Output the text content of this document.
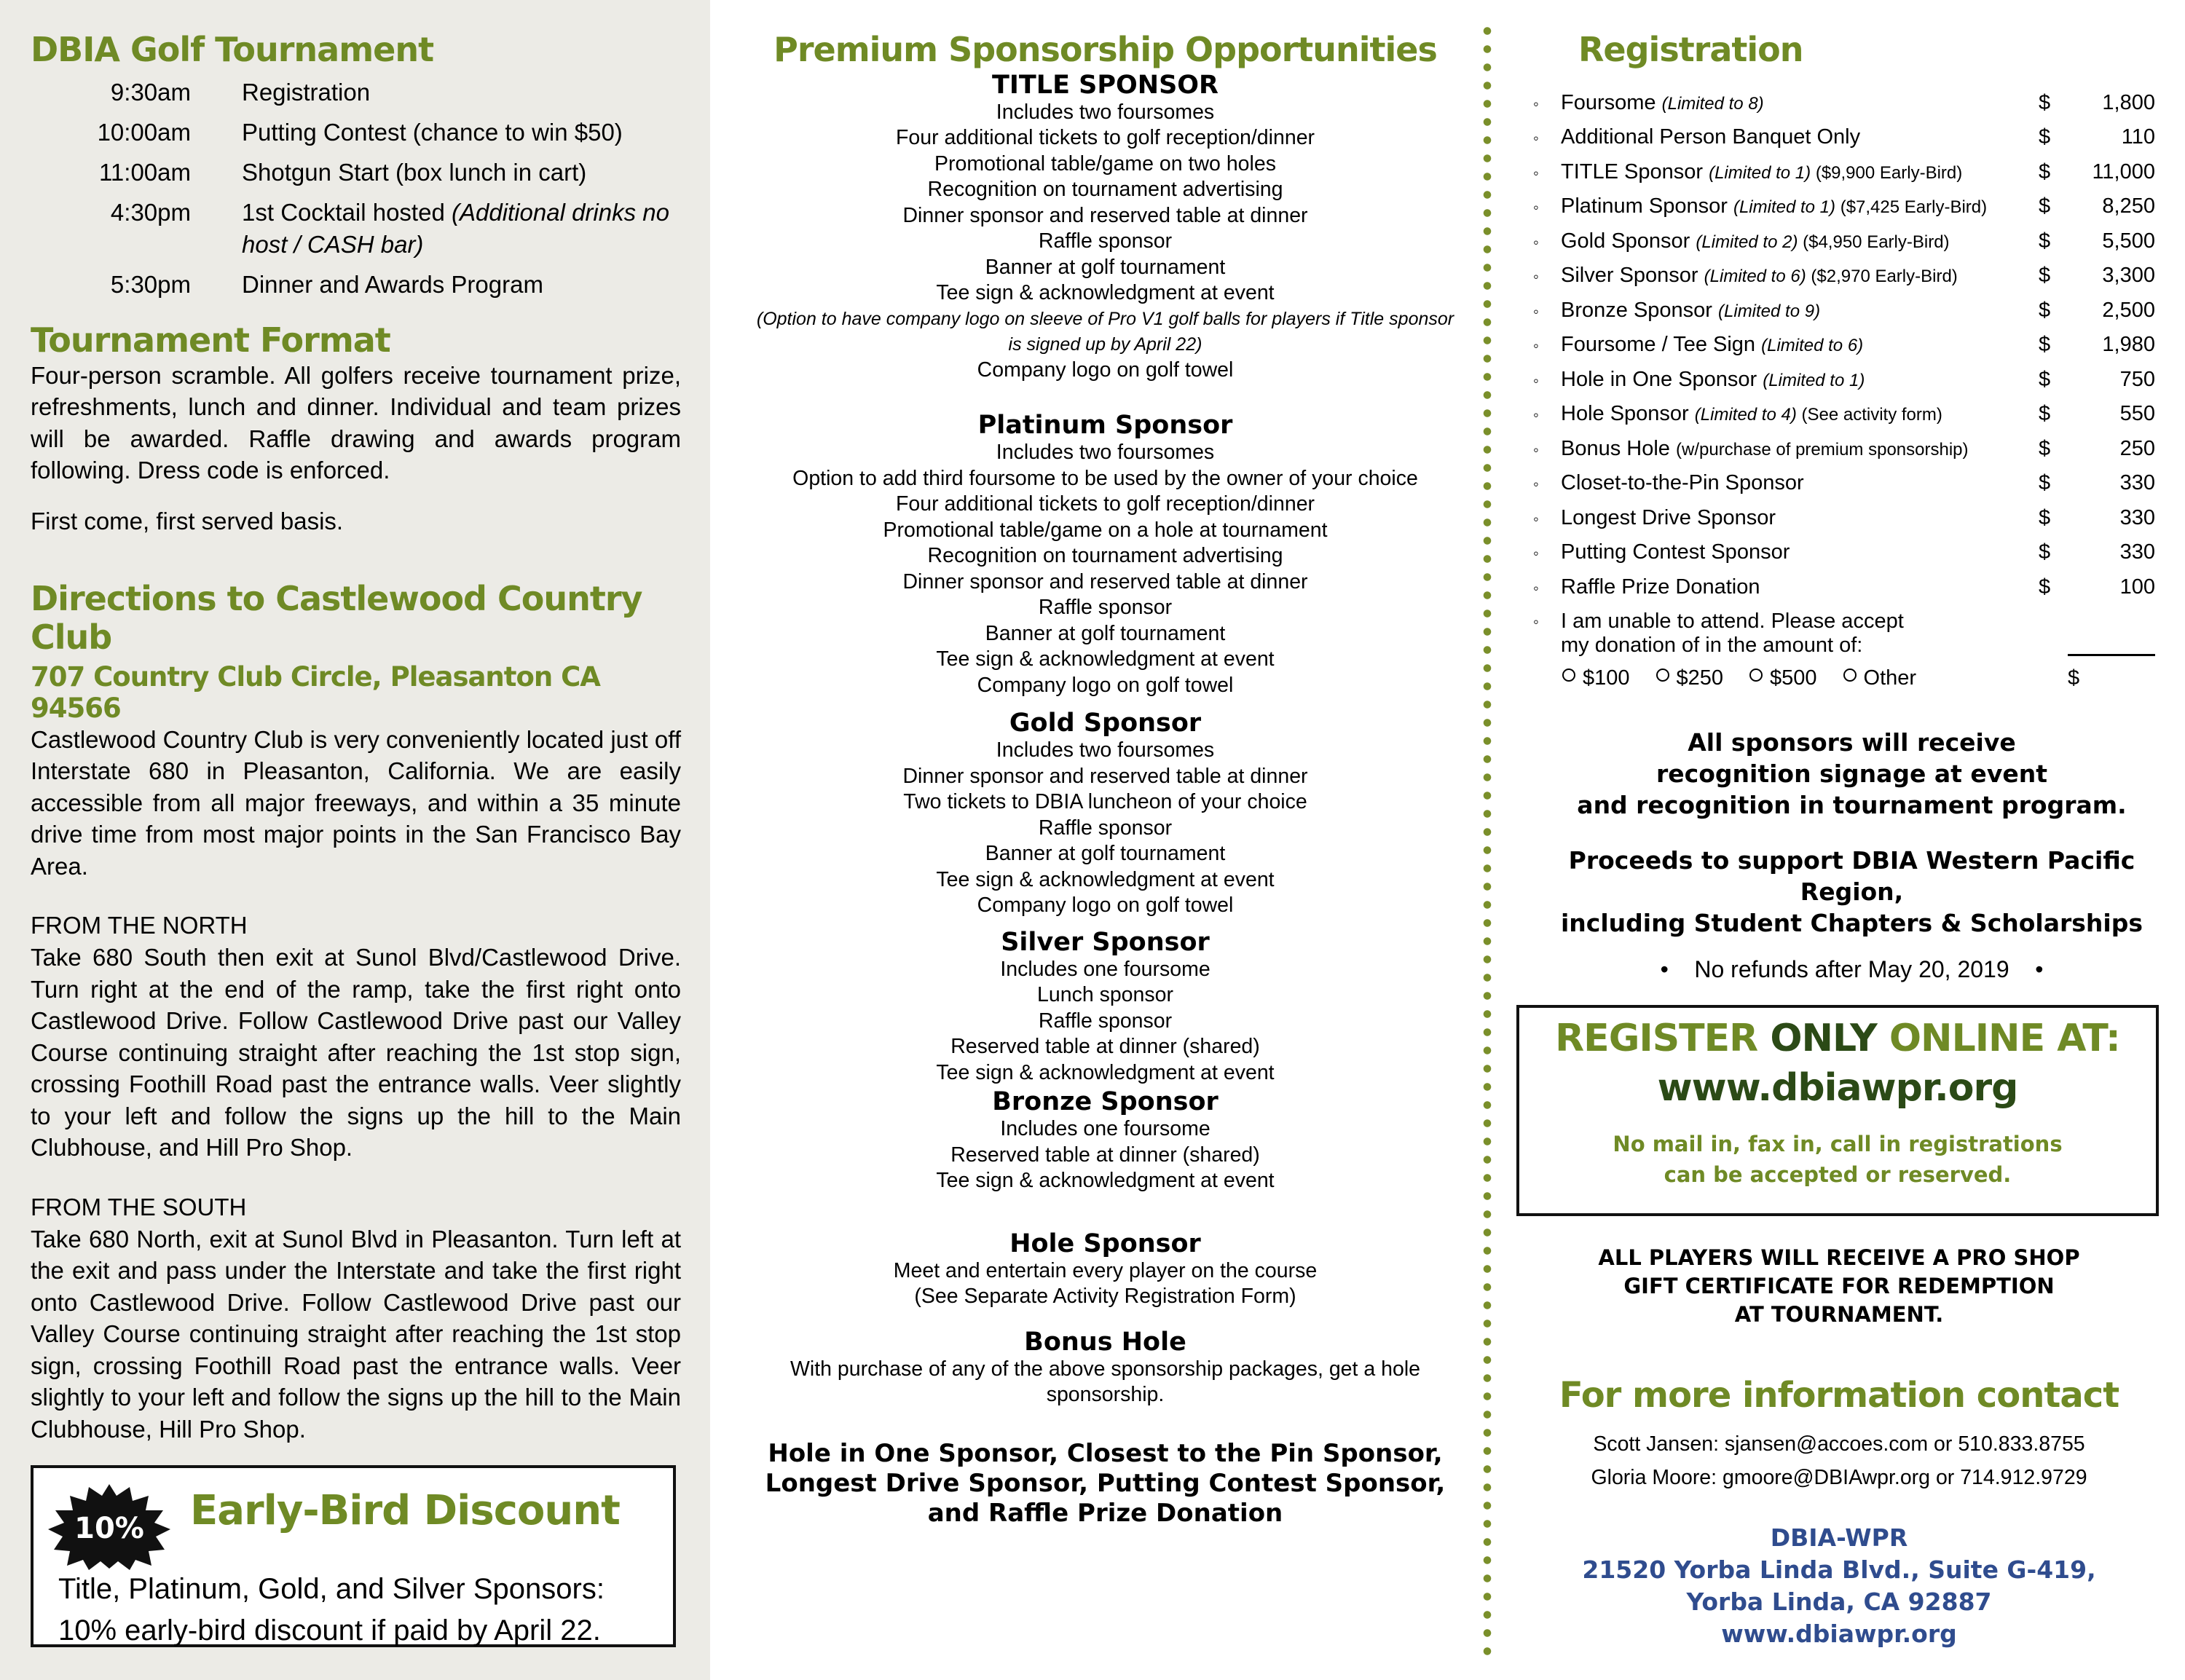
DBIA Golf Tournament
9:30am	Registration
10:00am	Putting Contest (chance to win $50)
11:00am	Shotgun Start (box lunch in cart)
4:30pm	1st Cocktail hosted (Additional drinks no host / CASH bar)
5:30pm	Dinner and Awards Program
Tournament Format

Four-person scramble. All golfers receive tournament prize, refreshments, lunch and dinner. Individual and team prizes will be awarded. Raffle drawing and awards program following. Dress code is enforced.

First come, first served basis.

Directions to Castlewood Country Club

707 Country Club Circle, Pleasanton CA 94566

Castlewood Country Club is very conveniently located just off Interstate 680 in Pleasanton, California. We are easily accessible from all major freeways, and within a 35 minute drive time from most major points in the San Francisco Bay Area.

FROM THE NORTH

Take 680 South then exit at Sunol Blvd/Castlewood Drive. Turn right at the end of the ramp, take the first right onto Castlewood Drive. Follow Castlewood Drive past our Valley Course continuing straight after reaching the 1st stop sign, crossing Foothill Road past the entrance walls. Veer slightly to your left and follow the signs up the hill to the Main Clubhouse, and Hill Pro Shop.

FROM THE SOUTH

Take 680 North, exit at Sunol Blvd in Pleasanton. Turn left at the exit and pass under the Interstate and take the first right onto Castlewood Drive. Follow Castlewood Drive past our Valley Course continuing straight after reaching the 1st stop sign, crossing Foothill Road past the entrance walls. Veer slightly to your left and follow the signs up the hill to the Main Clubhouse, Hill Pro Shop.

10% Early-Bird Discount
Title, Platinum, Gold, and Silver Sponsors:
10% early-bird discount if paid by April 22.
Premium Sponsorship Opportunities

TITLE SPONSOR

Includes two foursomes

Four additional tickets to golf reception/dinner

Promotional table/game on two holes

Recognition on tournament advertising

Dinner sponsor and reserved table at dinner

Raffle sponsor

Banner at golf tournament

Tee sign & acknowledgment at event

(Option to have company logo on sleeve of Pro V1 golf balls for players if Title sponsor is signed up by April 22)

Company logo on golf towel

Platinum Sponsor

Includes two foursomes

Option to add third foursome to be used by the owner of your choice

Four additional tickets to golf reception/dinner

Promotional table/game on a hole at tournament

Recognition on tournament advertising

Dinner sponsor and reserved table at dinner

Raffle sponsor

Banner at golf tournament

Tee sign & acknowledgment at event

Company logo on golf towel

Gold Sponsor

Includes two foursomes

Dinner sponsor and reserved table at dinner

Two tickets to DBIA luncheon of your choice

Raffle sponsor

Banner at golf tournament

Tee sign & acknowledgment at event

Company logo on golf towel

Silver Sponsor

Includes one foursome

Lunch sponsor

Raffle sponsor

Reserved table at dinner (shared)

Tee sign & acknowledgment at event

Bronze Sponsor

Includes one foursome

Reserved table at dinner (shared)

Tee sign & acknowledgment at event

Hole Sponsor

Meet and entertain every player on the course

(See Separate Activity Registration Form)

Bonus Hole

With purchase of any of the above sponsorship packages, get a hole sponsorship.

Hole in One Sponsor, Closest to the Pin Sponsor,

Longest Drive Sponsor, Putting Contest Sponsor,

and Raffle Prize Donation

Registration
◦	Foursome (Limited to 8)	$	1,800
◦	Additional Person Banquet Only	$	110
◦	TITLE Sponsor (Limited to 1) ($9,900 Early-Bird)	$	11,000
◦	Platinum Sponsor (Limited to 1) ($7,425 Early-Bird)	$	8,250
◦	Gold Sponsor (Limited to 2) ($4,950 Early-Bird)	$	5,500
◦	Silver Sponsor (Limited to 6) ($2,970 Early-Bird)	$	3,300
◦	Bronze Sponsor (Limited to 9)	$	2,500
◦	Foursome / Tee Sign (Limited to 6)	$	1,980
◦	Hole in One Sponsor (Limited to 1)	$	750
◦	Hole Sponsor (Limited to 4) (See activity form)	$	550
◦	Bonus Hole (w/purchase of premium sponsorship)	$	250
◦	Closet-to-the-Pin Sponsor	$	330
◦	Longest Drive Sponsor	$	330
◦	Putting Contest Sponsor	$	330
◦	Raffle Prize Donation	$	100
◦	I am unable to attend. Please accept
my donation of in the amount of:
$100	$250	$500	Other	$
All sponsors will receive
recognition signage at event
and recognition in tournament program.
Proceeds to support DBIA Western Pacific Region,
including Student Chapters & Scholarships
• No refunds after May 20, 2019 •
REGISTER ONLY ONLINE AT:
www.dbiawpr.org
No mail in, fax in, call in registrations
can be accepted or reserved.
ALL PLAYERS WILL RECEIVE A PRO SHOP
GIFT CERTIFICATE FOR REDEMPTION
AT TOURNAMENT.
For more information contact
Scott Jansen: sjansen@accoes.com or 510.833.8755
Gloria Moore: gmoore@DBIAwpr.org or 714.912.9729
DBIA-WPR
21520 Yorba Linda Blvd., Suite G-419,
Yorba Linda, CA 92887
www.dbiawpr.org
